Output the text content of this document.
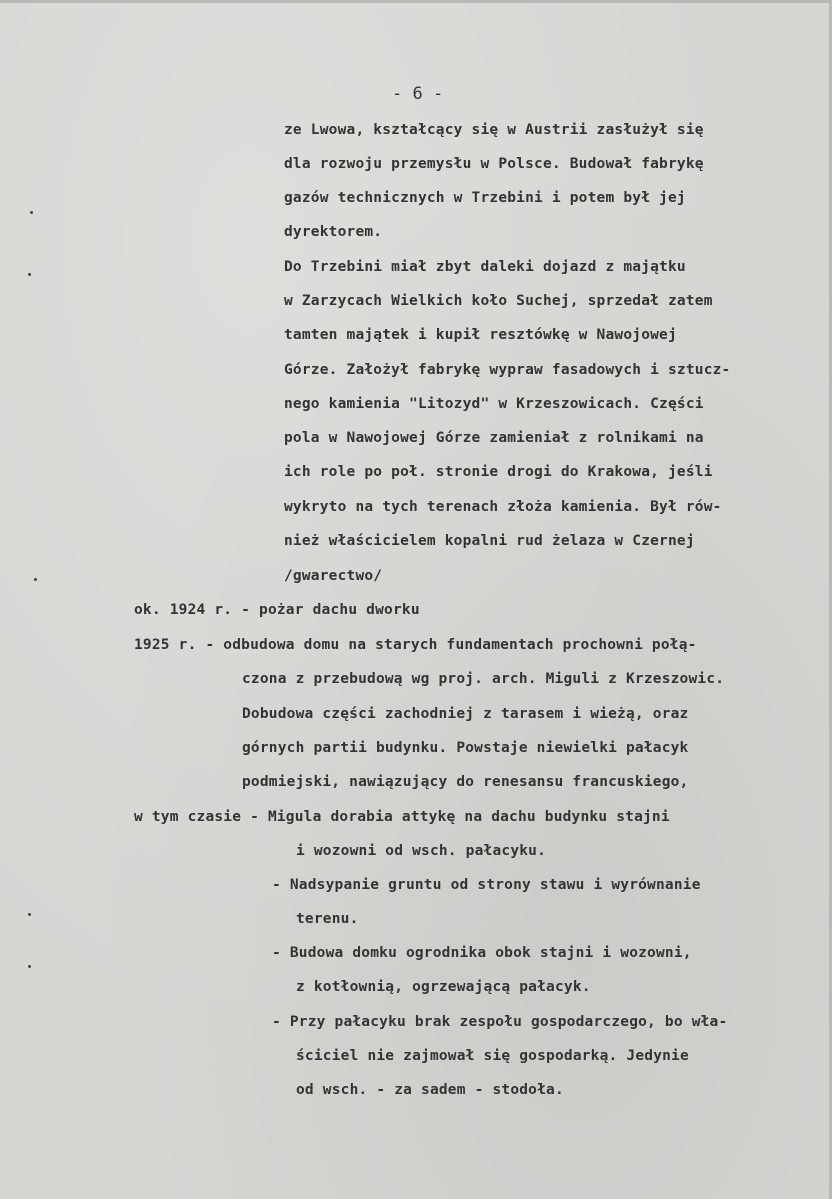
- 6 -
ze Lwowa, kształcący się w Austrii zasłużył się
dla rozwoju przemysłu w Polsce. Budował fabrykę
gazów technicznych w Trzebini i potem był jej
dyrektorem.
Do Trzebini miał zbyt daleki dojazd z majątku
w Zarzycach Wielkich koło Suchej, sprzedał zatem
tamten majątek i kupił resztówkę w Nawojowej
Górze. Założył fabrykę wypraw fasadowych i sztucz-
nego kamienia "Litozyd" w Krzeszowicach. Części
pola w Nawojowej Górze zamieniał z rolnikami na
ich role po poł. stronie drogi do Krakowa, jeśli
wykryto na tych terenach złoża kamienia. Był rów-
nież właścicielem kopalni rud żelaza w Czernej
/gwarectwo/
ok. 1924 r. - pożar dachu dworku
1925 r. - odbudowa domu na starych fundamentach prochowni połą-
czona z przebudową wg proj. arch. Miguli z Krzeszowic.
Dobudowa części zachodniej z tarasem i wieżą, oraz
górnych partii budynku. Powstaje niewielki pałacyk
podmiejski, nawiązujący do renesansu francuskiego,
w tym czasie - Migula dorabia attykę na dachu budynku stajni
i wozowni od wsch. pałacyku.
- Nadsypanie gruntu od strony stawu i wyrównanie
terenu.
- Budowa domku ogrodnika obok stajni i wozowni,
z kotłownią, ogrzewającą pałacyk.
- Przy pałacyku brak zespołu gospodarczego, bo wła-
ściciel nie zajmował się gospodarką. Jedynie
od wsch. - za sadem - stodoła.
